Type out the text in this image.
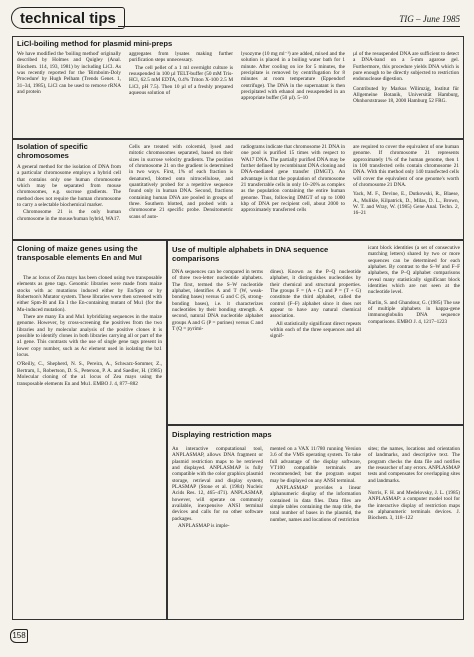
technical tips	TIG – June 1985
LiCl-boiling method for plasmid mini-preps

We have modified the 'boiling method' originally described by Holmes and Quigley (Anal. Biochem. 114, 193, 1981) by including LiCl. As was recently reported for the 'Birnboim-Doly Procedure' by Hugh Pelham (Trends Genet. 1, 31–34, 1985), LiCl can be used to remove rRNA and protein

aggregates from lysates making further purification steps unnecessary.

The cell pellet of a 1 ml overnight culture is resuspended in 100 µl TELT-buffer (50 mM Tris-HCl, 62.5 mM EDTA, 0.4% Triton X-100 2.5 M LiCl, pH 7.5). Then 10 µl of a freshly prepared aqueous solution of

lysozyme (10 mg ml⁻¹) are added, mixed and the solution is placed in a boiling water bath for 1 minute. After cooling on ice for 5 minutes, the precipitate is removed by centrifugation for 8 minutes at room temperature (Eppendorf centrifuge). The DNA in the supernatant is then precipitated with ethanol and resuspended in an appropriate buffer (50 µl). 5–10

µl of the resuspended DNA are sufficient to detect a DNA-band on a 5-mm agarose gel. Furthermore, this procedure yields DNA which is pure enough to be directly subjected to restriction endonuclease digestion.

Contributed by Markus Wilimzig, Institut für Allgemeine Botanik, Universität Hamburg, Ohnhorststrasse 18, 2000 Hamburg 52 FRG.

Isolation of specific chromosomes

A general method for the isolation of DNA from a particular chromosome employs a hybrid cell that contains only one human chromosome which may be separated from mouse chromosomes, e.g. sucrose gradients. The method does not require the human chromosome to carry a selectable biochemical marker.

Chromosome 21 is the only human chromosome in the mouse/human hybrid, WA17.

Cells are treated with colcemid, lysed and mitotic chromosomes separated, based on their sizes in sucrose velocity gradients. The position of chromosome 21 on the gradient is determined in two ways. First, 1% of each fraction is denatured, blotted onto nitrocellulose, and quantitatively probed for a repetitive sequence found only in human DNA. Second, fractions containing human DNA are pooled in groups of three. Southern blotted, and probed with a chromosome 21 specific probe. Densitometric scans of auto-

radiograms indicate that chromosome 21 DNA in one pool is purified 15 times with respect to WA17 DNA. The partially purified DNA may be further defined by recombinant DNA cloning and DNA-mediated gene transfer (DMGT). An advantage is that the population of chromosome 21 transferrable cells in only 10–20% as complex as the population containing the entire human genome. Thus, following DMGT of up to 1000 kbp of DNA per recipient cell, about 2000 to approximately transferred cells

are required to cover the equivalent of one human genome. If chromosome 21 represents approximately 1% of the human genome, then 1 in 100 transfected cells contain chromosome 21 DNA. With this method only 140 transfected cells will cover the equivalent of one genome's worth of chromosome 21 DNA.

Yack, M. F., Devine, E., Dutkowski, R., Blaese, A., Mulikle, Kilpatrick, D., Milas, D. L., Brown, W. T. and Wray, W. (1985) Gene Anal. Techn. 2, 16–21

Cloning of maize genes using the transposable elements En and MuI

The ac locus of Zea mays has been cloned using two transposable elements as gene tags. Genomic libraries were made from maize stocks with ac mutations induced either by En/Spm or by Robertson's Mutator system. These libraries were then screened with either Spm-I8 and En I the En-containing mutant of Mu1 (for the Mu-induced mutation).

There are many En and Mu1 hybridizing sequences in the maize genome. However, by cross-screening the positives from the two libraries and by molecular analysis of the positive clones it is possible to identify clones in both libraries carrying all or part of the a1 gene. This contrasts with the use of single gene tags present in lower copy number, such as Ac element used in isolating the bz1 locus.

O'Reilly, C., Shepherd, N. S., Pereira, A., Schwarz-Sommer, Z., Bertram, I., Robertson, D. S., Peterson, P. A. and Saedler, H. (1985) Molecular cloning of the a1 locus of Zea mays using the transposable elements En and Mu1. EMBO J. 4, 877–882

Use of multiple alphabets in DNA sequence comparisons

DNA sequences can be compared in terms of three two-letter nucleotide alphabets. The first, termed the S–W nucleotide alphabet, identifies A and T (W, weak-bonding bases) versus G and C (S, strong-bonding bases), i.e. it characterizes nucleotides by their bonding strength. A second, natural DNA nucleotide alphabet groups A and G (P = purines) versus C and T (Q = pyrimi-

dines). Known as the P–Q nucleotide alphabet, it distinguishes nucleotides by their chemical and structural properties. The groups F = (A + C) and P = (T + G) constitute the third alphabet, called the control (F–F) alphabet since it does not appear to have any natural chemical association.

All statistically significant direct repeats within each of the three sequences and all signif-

icant block identities (a set of consecutive matching letters) shared by two or more sequences can be determined for each alphabet. By contrast to the S–W and F–F alphabets, the P–Q alphabet comparisons reveal many statistically significant block identities which are not seen at the nucleotide level.

Karlin, S. and Ghandour, G. (1985) The use of multiple alphabets in kappa-gene immunoglobulin DNA sequence comparisons. EMBO J. 4, 1217–1223

Displaying restriction maps

An interactive computational tool, ANPLASMAP, allows DNA fragment or plasmid restriction maps to be retrieved and displayed. ANPLASMAP is fully compatible with the color graphics plasmid storage, retrieval and display system, PLASMAP (Stone et al. (1984) Nucleic Acids Res. 12, 465–471). ANPLASMAP, however, will operate on commonly available, inexpensive ANSI terminal devices and calls for no other software packages.

ANPLASMAP is imple-

mented on a VAX 11/780 running Version 3.6 of the VMS operating system. To take full advantage of the display software, VT100 compatible terminals are recommended; but the program output may be displayed on any ANSI terminal.

ANPLASMAP provides a linear alphanumeric display of the information contained in data files. Data files are simple tables containing the map title, the total number of bases in the plasmid, the number, names and locations of restriction

sites; the names, locations and orientation of landmarks, and descriptive text. The program checks the data file and notifies the researcher of any errors. ANPLASMAP tests and compensates for overlapping sites and landmarks.

Norris, F. H. and Medelovsky, J. L. (1985) ANPLASMAP: a computer model tool for the interactive display of restriction maps on alphanumeric terminals devices. J. Biochem. 3, 118–122

158
